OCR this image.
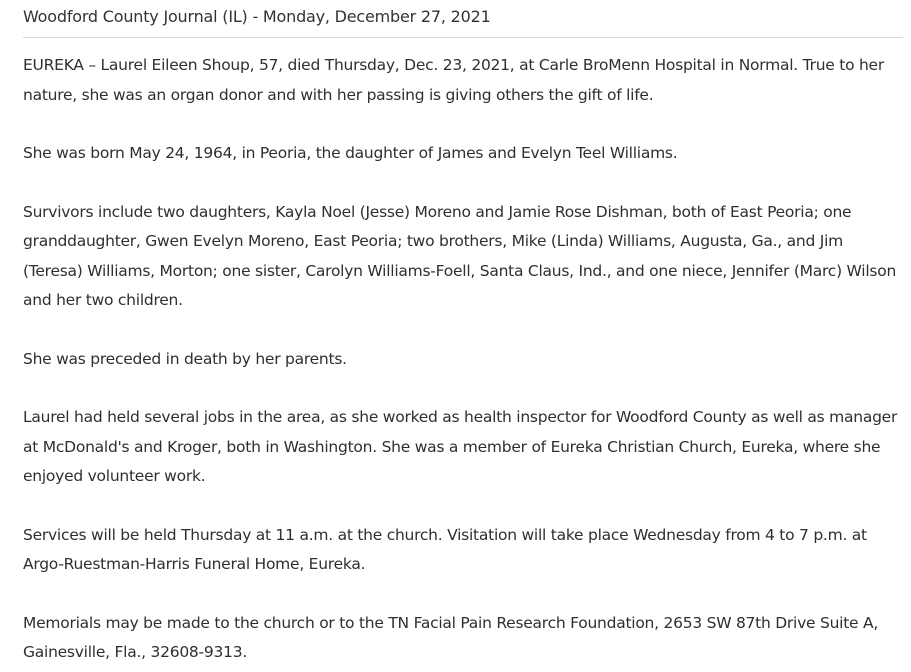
Woodford County Journal (IL) - Monday, December 27, 2021

EUREKA – Laurel Eileen Shoup, 57, died Thursday, Dec. 23, 2021, at Carle BroMenn Hospital in Normal. True to her nature, she was an organ donor and with her passing is giving others the gift of life.

She was born May 24, 1964, in Peoria, the daughter of James and Evelyn Teel Williams.

Survivors include two daughters, Kayla Noel (Jesse) Moreno and Jamie Rose Dishman, both of East Peoria; one granddaughter, Gwen Evelyn Moreno, East Peoria; two brothers, Mike (Linda) Williams, Augusta, Ga., and Jim (Teresa) Williams, Morton; one sister, Carolyn Williams-Foell, Santa Claus, Ind., and one niece, Jennifer (Marc) Wilson and her two children.

She was preceded in death by her parents.

Laurel had held several jobs in the area, as she worked as health inspector for Woodford County as well as manager at McDonald's and Kroger, both in Washington. She was a member of Eureka Christian Church, Eureka, where she enjoyed volunteer work.

Services will be held Thursday at 11 a.m. at the church. Visitation will take place Wednesday from 4 to 7 p.m. at Argo-Ruestman-Harris Funeral Home, Eureka.

Memorials may be made to the church or to the TN Facial Pain Research Foundation, 2653 SW 87th Drive Suite A, Gainesville, Fla., 32608-9313.
